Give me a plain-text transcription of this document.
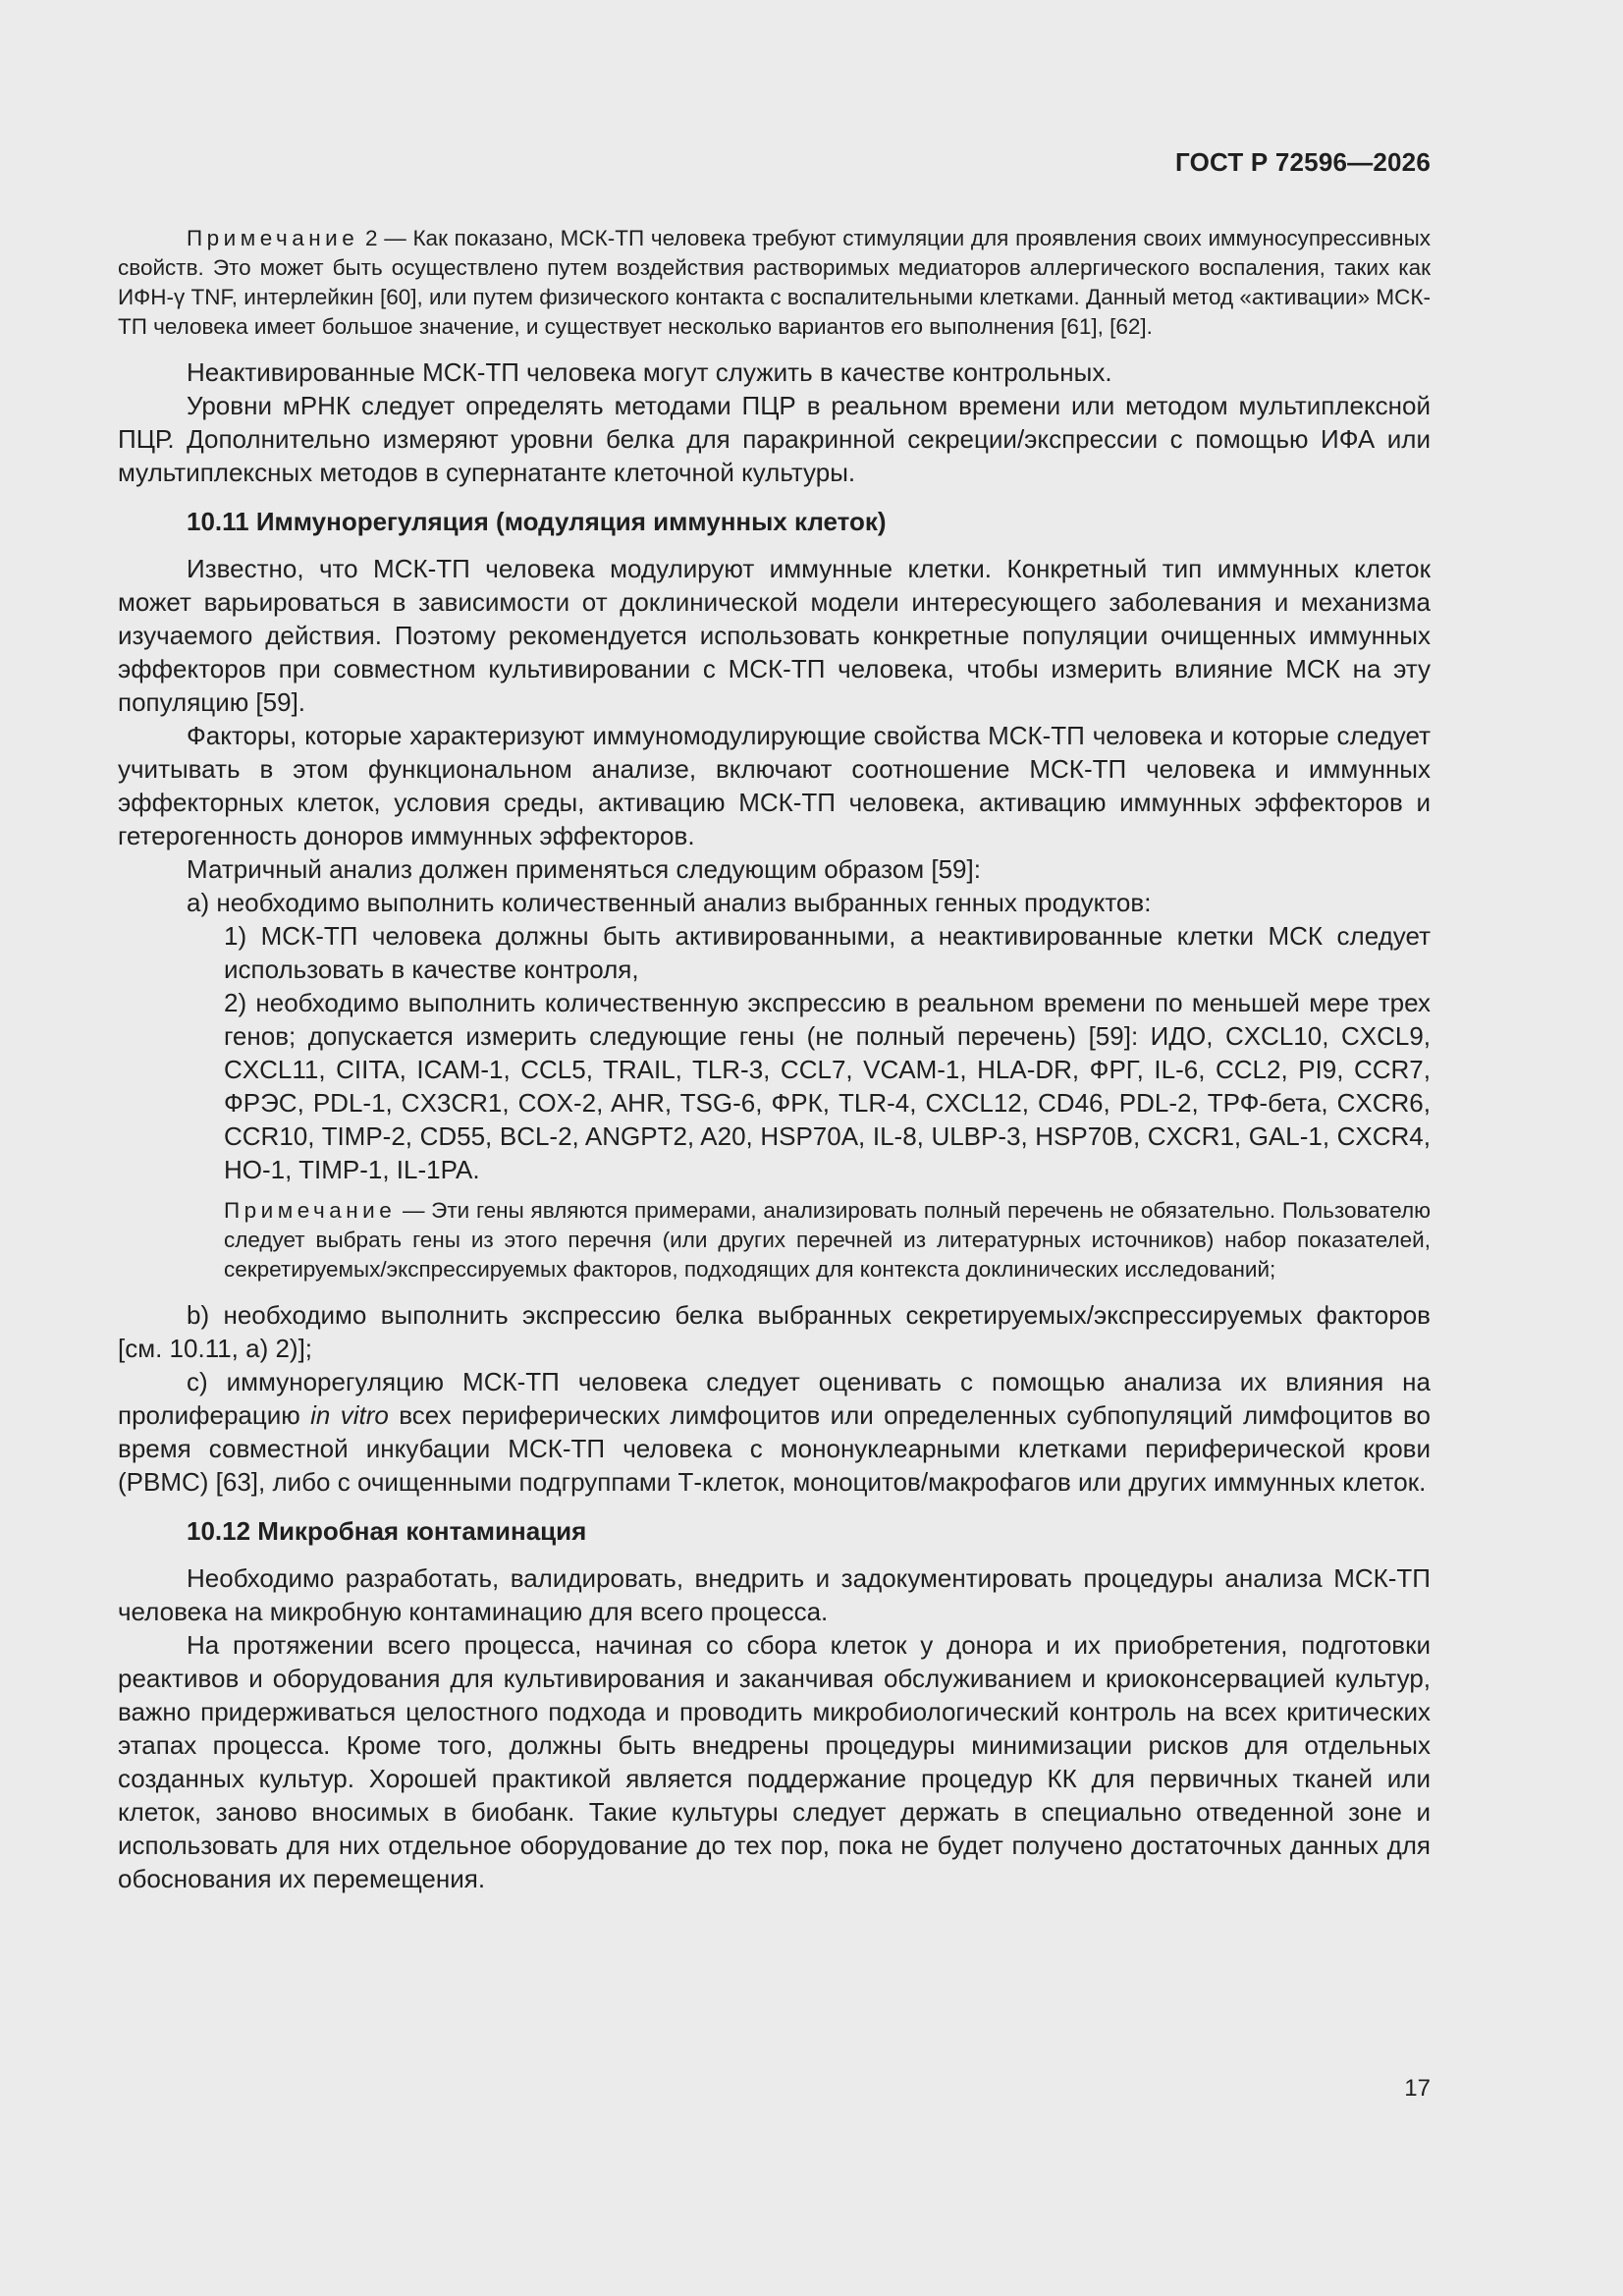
ГОСТ Р 72596—2026

Примечание 2 — Как показано, МСК-ТП человека требуют стимуляции для проявления своих иммуносупрессивных свойств. Это может быть осуществлено путем воздействия растворимых медиаторов аллергического воспаления, таких как ИФН-γ TNF, интерлейкин [60], или путем физического контакта с воспалительными клетками. Данный метод «активации» МСК-ТП человека имеет большое значение, и существует несколько вариантов его выполнения [61], [62].

Неактивированные МСК-ТП человека могут служить в качестве контрольных.

Уровни мРНК следует определять методами ПЦР в реальном времени или методом мультиплексной ПЦР. Дополнительно измеряют уровни белка для паракринной секреции/экспрессии с помощью ИФА или мультиплексных методов в супернатанте клеточной культуры.

10.11 Иммунорегуляция (модуляция иммунных клеток)

Известно, что МСК-ТП человека модулируют иммунные клетки. Конкретный тип иммунных клеток может варьироваться в зависимости от доклинической модели интересующего заболевания и механизма изучаемого действия. Поэтому рекомендуется использовать конкретные популяции очищенных иммунных эффекторов при совместном культивировании с МСК-ТП человека, чтобы измерить влияние МСК на эту популяцию [59].

Факторы, которые характеризуют иммуномодулирующие свойства МСК-ТП человека и которые следует учитывать в этом функциональном анализе, включают соотношение МСК-ТП человека и иммунных эффекторных клеток, условия среды, активацию МСК-ТП человека, активацию иммунных эффекторов и гетерогенность доноров иммунных эффекторов.

Матричный анализ должен применяться следующим образом [59]:

а) необходимо выполнить количественный анализ выбранных генных продуктов:

1) МСК-ТП человека должны быть активированными, а неактивированные клетки МСК следует использовать в качестве контроля,

2) необходимо выполнить количественную экспрессию в реальном времени по меньшей мере трех генов; допускается измерить следующие гены (не полный перечень) [59]: ИДО, CXCL10, CXCL9, CXCL11, CIITA, ICAM-1, CCL5, TRAIL, TLR-3, CCL7, VCAM-1, HLA-DR, ФРГ, IL-6, CCL2, PI9, CCR7, ФРЭС, PDL-1, CX3CR1, COX-2, AHR, TSG-6, ФРК, TLR-4, CXCL12, CD46, PDL-2, ТРФ-бета, CXCR6, CCR10, TIMP-2, CD55, BCL-2, ANGPT2, A20, HSP70A, IL-8, ULBP-3, HSP70B, CXCR1, GAL-1, CXCR4, HO-1, TIMP-1, IL-1PA.

Примечание — Эти гены являются примерами, анализировать полный перечень не обязательно. Пользователю следует выбрать гены из этого перечня (или других перечней из литературных источников) набор показателей, секретируемых/экспрессируемых факторов, подходящих для контекста доклинических исследований;

b) необходимо выполнить экспрессию белка выбранных секретируемых/экспрессируемых факторов [см. 10.11, а) 2)];

с) иммунорегуляцию МСК-ТП человека следует оценивать с помощью анализа их влияния на пролиферацию in vitro всех периферических лимфоцитов или определенных субпопуляций лимфоцитов во время совместной инкубации МСК-ТП человека с мононуклеарными клетками периферической крови (PBMC) [63], либо с очищенными подгруппами Т-клеток, моноцитов/макрофагов или других иммунных клеток.

10.12 Микробная контаминация

Необходимо разработать, валидировать, внедрить и задокументировать процедуры анализа МСК-ТП человека на микробную контаминацию для всего процесса.

На протяжении всего процесса, начиная со сбора клеток у донора и их приобретения, подготовки реактивов и оборудования для культивирования и заканчивая обслуживанием и криоконсервацией культур, важно придерживаться целостного подхода и проводить микробиологический контроль на всех критических этапах процесса. Кроме того, должны быть внедрены процедуры минимизации рисков для отдельных созданных культур. Хорошей практикой является поддержание процедур КК для первичных тканей или клеток, заново вносимых в биобанк. Такие культуры следует держать в специально отведенной зоне и использовать для них отдельное оборудование до тех пор, пока не будет получено достаточных данных для обоснования их перемещения.

17
